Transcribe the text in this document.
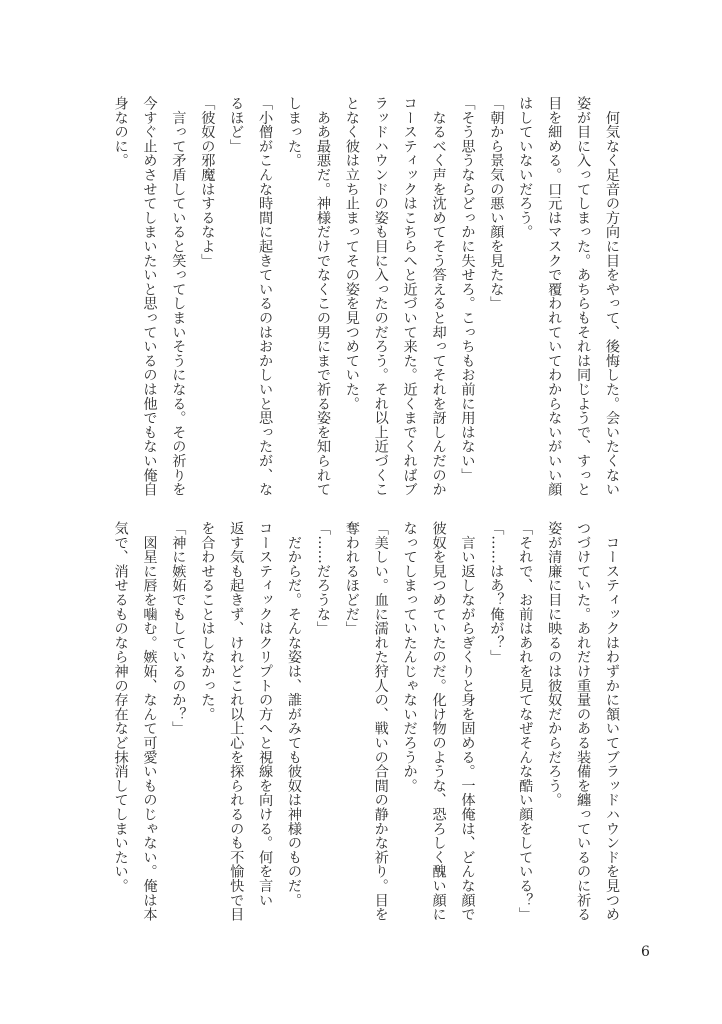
　何気なく足音の方向に目をやって、後悔した。会いたくない
姿が目に入ってしまった。あちらもそれは同じようで、すっと
目を細める。口元はマスクで覆われていてわからないがいい顔
はしていないだろう。
「朝から景気の悪い顔を見たな」
「そう思うならどっかに失せろ。こっちもお前に用はない」
　なるべく声を沈めてそう答えると却ってそれを訝しんだのか
コースティックはこちらへと近づいて来た。近くまでくればブ
ラッドハウンドの姿も目に入ったのだろう。それ以上近づくこ
となく彼は立ち止まってその姿を見つめていた。
　ああ最悪だ。神様だけでなくこの男にまで祈る姿を知られて
しまった。
「小僧がこんな時間に起きているのはおかしいと思ったが、な
るほど」
「彼奴の邪魔はするなよ」
　言って矛盾していると笑ってしまいそうになる。その祈りを
今すぐ止めさせてしまいたいと思っているのは他でもない俺自
身なのに。
　コースティックはわずかに頷いてブラッドハウンドを見つめ
つづけていた。あれだけ重量のある装備を纏っているのに祈る
姿が清廉に目に映るのは彼奴だからだろう。
「それで、お前はあれを見てなぜそんな酷い顔をしている？」
「……はあ？俺が？」
　言い返しながらぎくりと身を固める。一体俺は、どんな顔で
彼奴を見つめていたのだ。化け物のような、恐ろしく醜い顔に
なってしまっていたんじゃないだろうか。
「美しい。血に濡れた狩人の、戦いの合間の静かな祈り。目を
奪われるほどだ」
「……だろうな」
　だからだ。そんな姿は、誰がみても彼奴は神様のものだ。
コースティックはクリプトの方へと視線を向ける。何を言い
返す気も起きず、けれどこれ以上心を探られるのも不愉快で目
を合わせることはしなかった。
「神に嫉妬でもしているのか？」
　図星に唇を噛む。嫉妬、なんて可愛いものじゃない。俺は本
気で、消せるものなら神の存在など抹消してしまいたい。
6
